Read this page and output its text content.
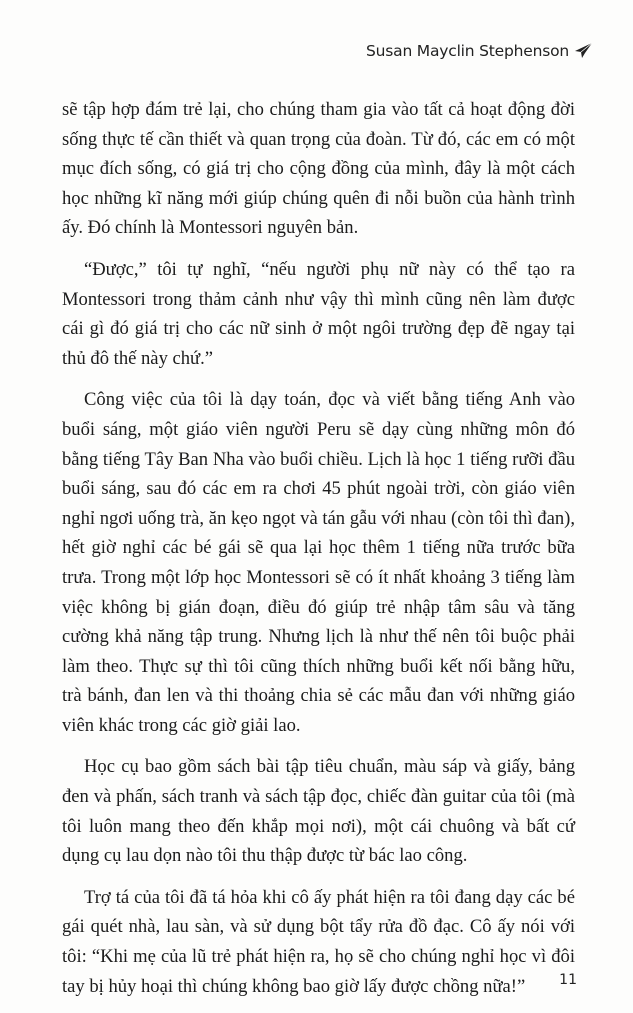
Susan Mayclin Stephenson

sẽ tập hợp đám trẻ lại, cho chúng tham gia vào tất cả hoạt động đời sống thực tế cần thiết và quan trọng của đoàn. Từ đó, các em có một mục đích sống, có giá trị cho cộng đồng của mình, đây là một cách học những kĩ năng mới giúp chúng quên đi nỗi buồn của hành trình ấy. Đó chính là Montessori nguyên bản.

“Được,” tôi tự nghĩ, “nếu người phụ nữ này có thể tạo ra Montessori trong thảm cảnh như vậy thì mình cũng nên làm được cái gì đó giá trị cho các nữ sinh ở một ngôi trường đẹp đẽ ngay tại thủ đô thế này chứ.”

Công việc của tôi là dạy toán, đọc và viết bằng tiếng Anh vào buổi sáng, một giáo viên người Peru sẽ dạy cùng những môn đó bằng tiếng Tây Ban Nha vào buổi chiều. Lịch là học 1 tiếng rưỡi đầu buổi sáng, sau đó các em ra chơi 45 phút ngoài trời, còn giáo viên nghỉ ngơi uống trà, ăn kẹo ngọt và tán gẫu với nhau (còn tôi thì đan), hết giờ nghỉ các bé gái sẽ qua lại học thêm 1 tiếng nữa trước bữa trưa. Trong một lớp học Montessori sẽ có ít nhất khoảng 3 tiếng làm việc không bị gián đoạn, điều đó giúp trẻ nhập tâm sâu và tăng cường khả năng tập trung. Nhưng lịch là như thế nên tôi buộc phải làm theo. Thực sự thì tôi cũng thích những buổi kết nối bằng hữu, trà bánh, đan len và thi thoảng chia sẻ các mẫu đan với những giáo viên khác trong các giờ giải lao.

Học cụ bao gồm sách bài tập tiêu chuẩn, màu sáp và giấy, bảng đen và phấn, sách tranh và sách tập đọc, chiếc đàn guitar của tôi (mà tôi luôn mang theo đến khắp mọi nơi), một cái chuông và bất cứ dụng cụ lau dọn nào tôi thu thập được từ bác lao công.

Trợ tá của tôi đã tá hỏa khi cô ấy phát hiện ra tôi đang dạy các bé gái quét nhà, lau sàn, và sử dụng bột tẩy rửa đồ đạc. Cô ấy nói với tôi: “Khi mẹ của lũ trẻ phát hiện ra, họ sẽ cho chúng nghỉ học vì đôi tay bị hủy hoại thì chúng không bao giờ lấy được chồng nữa!”	11
